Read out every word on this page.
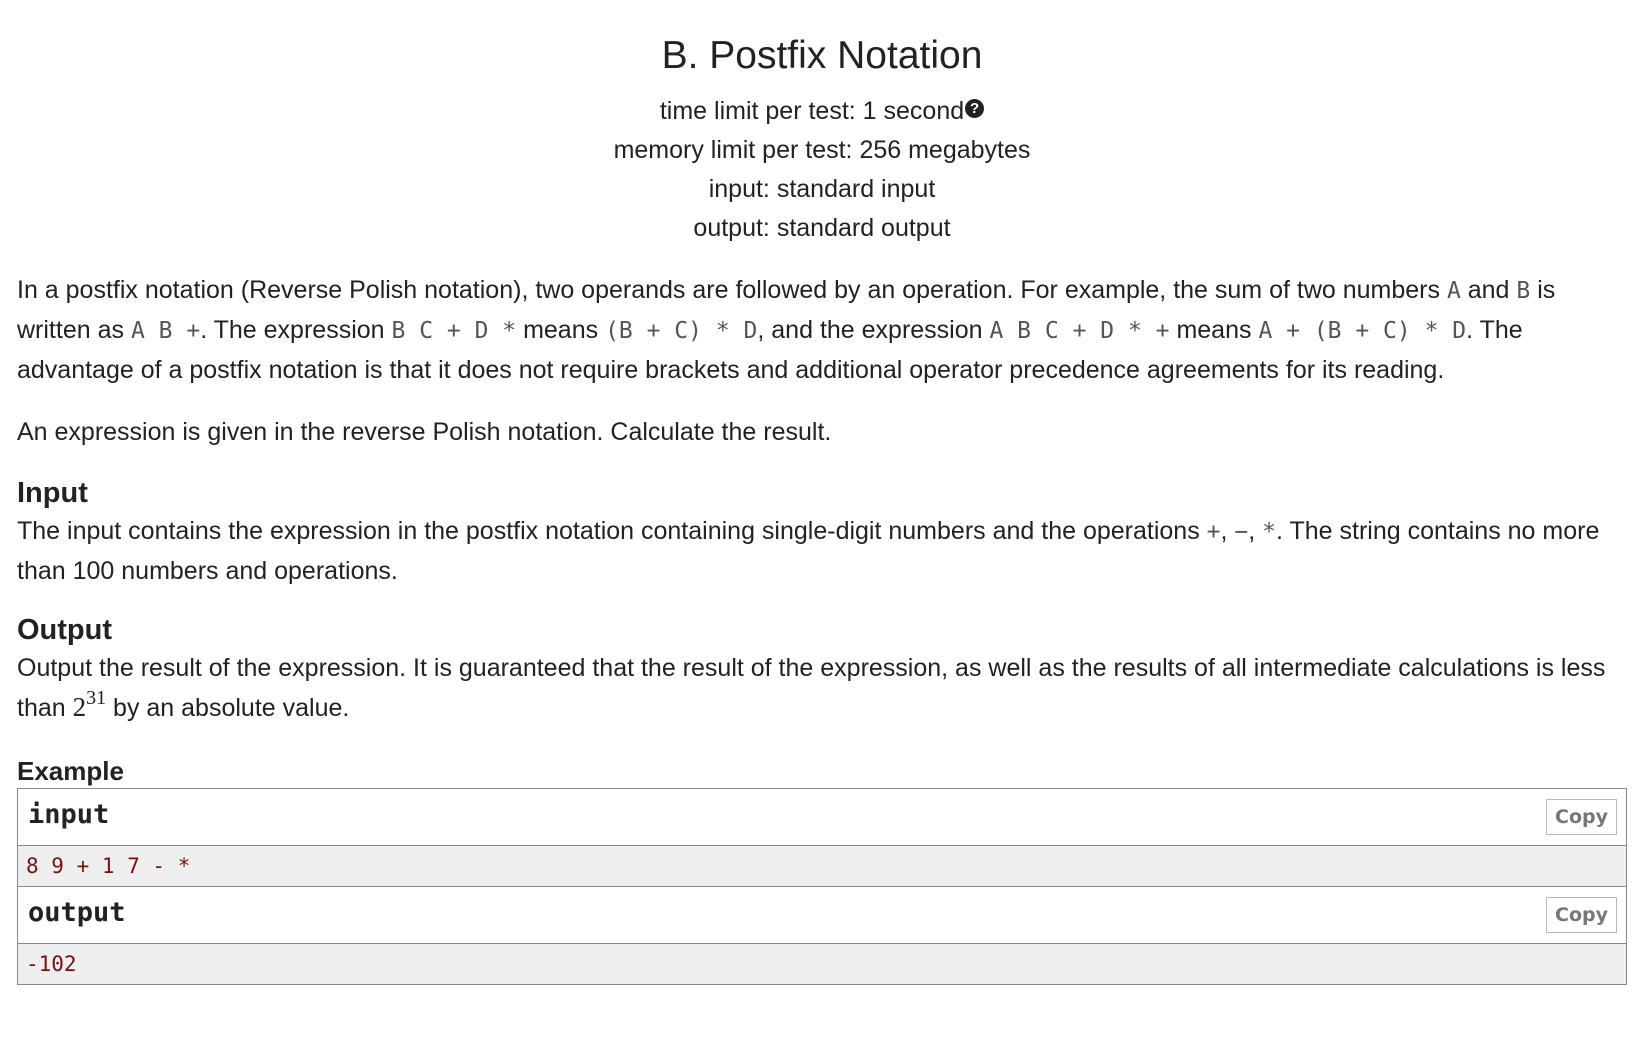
B. Postfix Notation
time limit per test: 1 second ?
memory limit per test: 256 megabytes
input: standard input
output: standard output

In a postfix notation (Reverse Polish notation), two operands are followed by an operation. For example, the sum of two numbers A and B is written as A B +. The expression B C + D * means (B + C) * D, and the expression A B C + D * + means A + (B + C) * D. The advantage of a postfix notation is that it does not require brackets and additional operator precedence agreements for its reading.

An expression is given in the reverse Polish notation. Calculate the result.

Input

The input contains the expression in the postfix notation containing single-digit numbers and the operations +, −, *. The string contains no more than 100 numbers and operations.

Output

Output the result of the expression. It is guaranteed that the result of the expression, as well as the results of all intermediate calculations is less than $2^{31}$ by an absolute value.

Example
input	Copy
8 9 + 1 7 - *
output	Copy
-102
